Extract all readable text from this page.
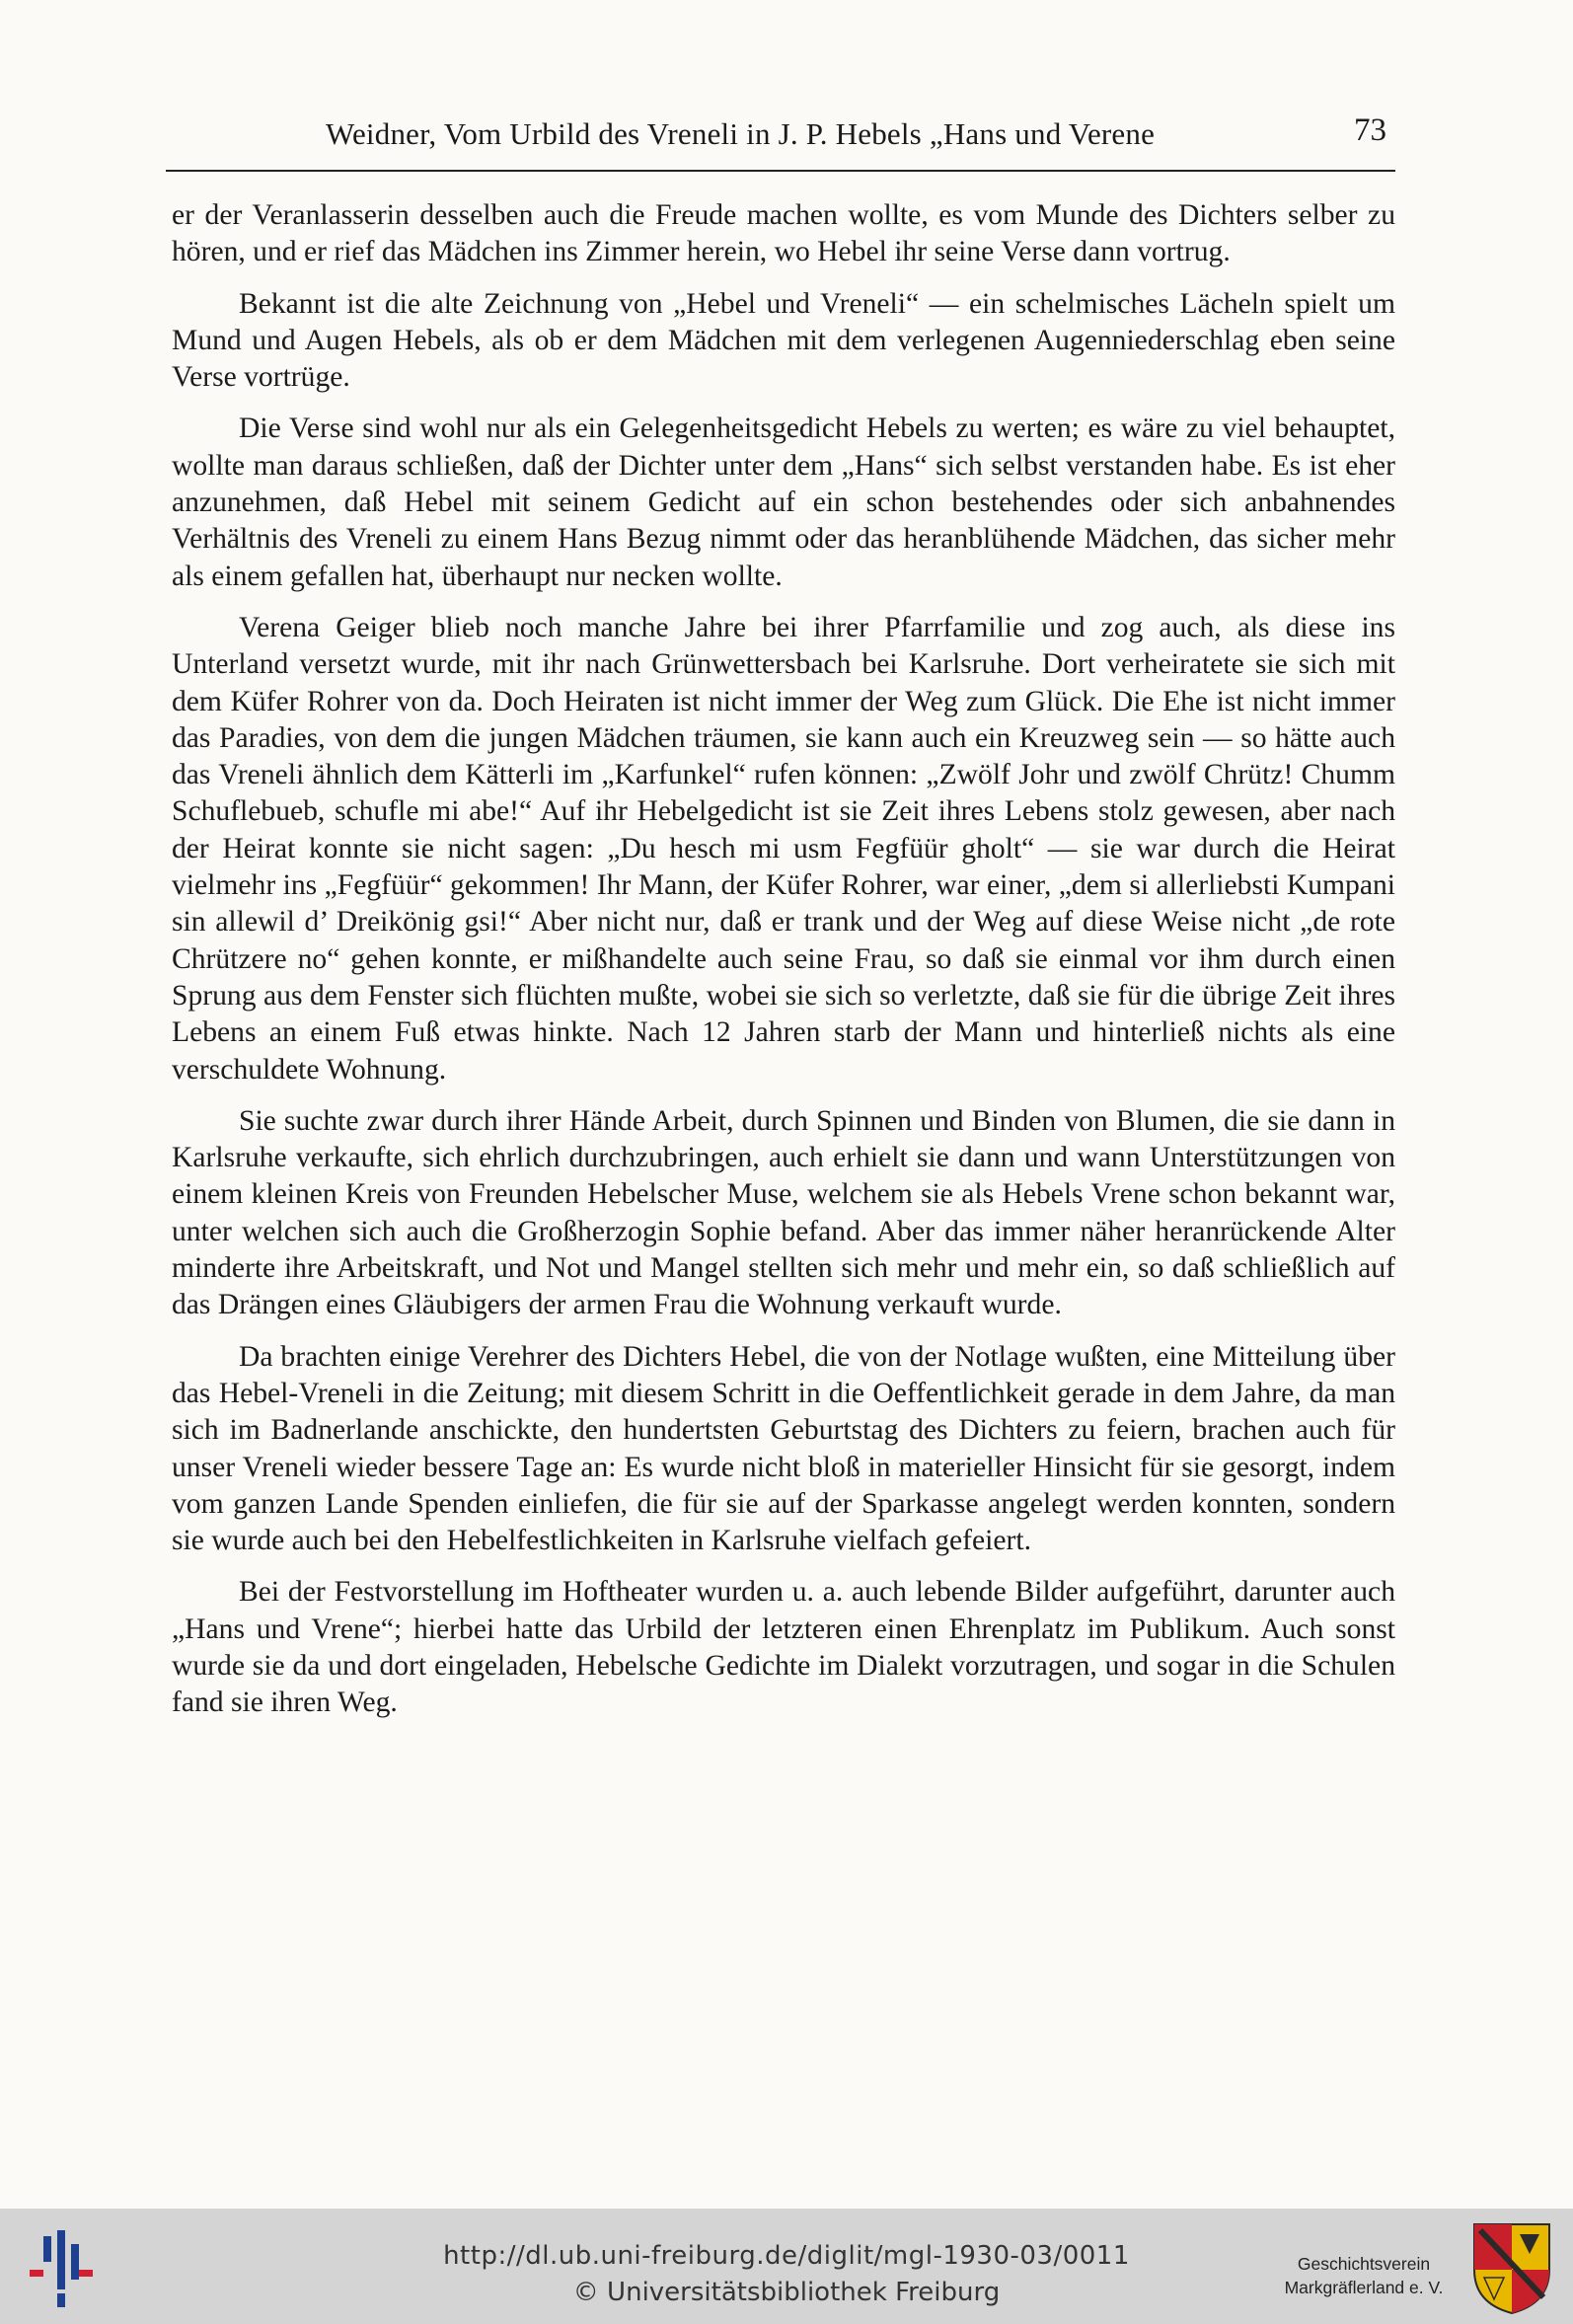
Weidner, Vom Urbild des Vreneli in J. P. Hebels „Hans und Verene	73

er der Veranlasserin desselben auch die Freude machen wollte, es vom Munde des Dichters selber zu hören, und er rief das Mädchen ins Zimmer herein, wo Hebel ihr seine Verse dann vortrug.

Bekannt ist die alte Zeichnung von „Hebel und Vreneli“ — ein schelmisches Lächeln spielt um Mund und Augen Hebels, als ob er dem Mädchen mit dem verlegenen Augenniederschlag eben seine Verse vortrüge.

Die Verse sind wohl nur als ein Gelegenheitsgedicht Hebels zu werten; es wäre zu viel behauptet, wollte man daraus schließen, daß der Dichter unter dem „Hans“ sich selbst verstanden habe. Es ist eher anzunehmen, daß Hebel mit seinem Gedicht auf ein schon bestehendes oder sich anbahnendes Verhältnis des Vreneli zu einem Hans Bezug nimmt oder das heranblühende Mädchen, das sicher mehr als einem gefallen hat, überhaupt nur necken wollte.

Verena Geiger blieb noch manche Jahre bei ihrer Pfarrfamilie und zog auch, als diese ins Unterland versetzt wurde, mit ihr nach Grünwettersbach bei Karlsruhe. Dort verheiratete sie sich mit dem Küfer Rohrer von da. Doch Heiraten ist nicht immer der Weg zum Glück. Die Ehe ist nicht immer das Paradies, von dem die jungen Mädchen träumen, sie kann auch ein Kreuzweg sein — so hätte auch das Vreneli ähnlich dem Kätterli im „Karfunkel“ rufen können: „Zwölf Johr und zwölf Chrütz! Chumm Schuflebueb, schufle mi abe!“ Auf ihr Hebelgedicht ist sie Zeit ihres Lebens stolz gewesen, aber nach der Heirat konnte sie nicht sagen: „Du hesch mi usm Fegfüür gholt“ — sie war durch die Heirat vielmehr ins „Fegfüür“ gekommen! Ihr Mann, der Küfer Rohrer, war einer, „dem si allerliebsti Kumpani sin allewil d’ Dreikönig gsi!“ Aber nicht nur, daß er trank und der Weg auf diese Weise nicht „de rote Chrützere no“ gehen konnte, er mißhandelte auch seine Frau, so daß sie einmal vor ihm durch einen Sprung aus dem Fenster sich flüchten mußte, wobei sie sich so verletzte, daß sie für die übrige Zeit ihres Lebens an einem Fuß etwas hinkte. Nach 12 Jahren starb der Mann und hinterließ nichts als eine verschuldete Wohnung.

Sie suchte zwar durch ihrer Hände Arbeit, durch Spinnen und Binden von Blumen, die sie dann in Karlsruhe verkaufte, sich ehrlich durchzubringen, auch erhielt sie dann und wann Unterstützungen von einem kleinen Kreis von Freunden Hebelscher Muse, welchem sie als Hebels Vrene schon bekannt war, unter welchen sich auch die Großherzogin Sophie befand. Aber das immer näher heranrückende Alter minderte ihre Arbeitskraft, und Not und Mangel stellten sich mehr und mehr ein, so daß schließlich auf das Drängen eines Gläubigers der armen Frau die Wohnung verkauft wurde.

Da brachten einige Verehrer des Dichters Hebel, die von der Notlage wußten, eine Mitteilung über das Hebel-Vreneli in die Zeitung; mit diesem Schritt in die Oeffentlichkeit gerade in dem Jahre, da man sich im Badnerlande anschickte, den hundertsten Geburtstag des Dichters zu feiern, brachen auch für unser Vreneli wieder bessere Tage an: Es wurde nicht bloß in materieller Hinsicht für sie gesorgt, indem vom ganzen Lande Spenden einliefen, die für sie auf der Sparkasse angelegt werden konnten, sondern sie wurde auch bei den Hebelfestlichkeiten in Karlsruhe vielfach gefeiert.

Bei der Festvorstellung im Hoftheater wurden u. a. auch lebende Bilder aufgeführt, darunter auch „Hans und Vrene“; hierbei hatte das Urbild der letzteren einen Ehrenplatz im Publikum. Auch sonst wurde sie da und dort eingeladen, Hebelsche Gedichte im Dialekt vorzutragen, und sogar in die Schulen fand sie ihren Weg.

http://dl.ub.uni-freiburg.de/diglit/mgl-1930-03/0011
© Universitätsbibliothek Freiburg
Geschichtsverein
Markgräflerland e. V.
